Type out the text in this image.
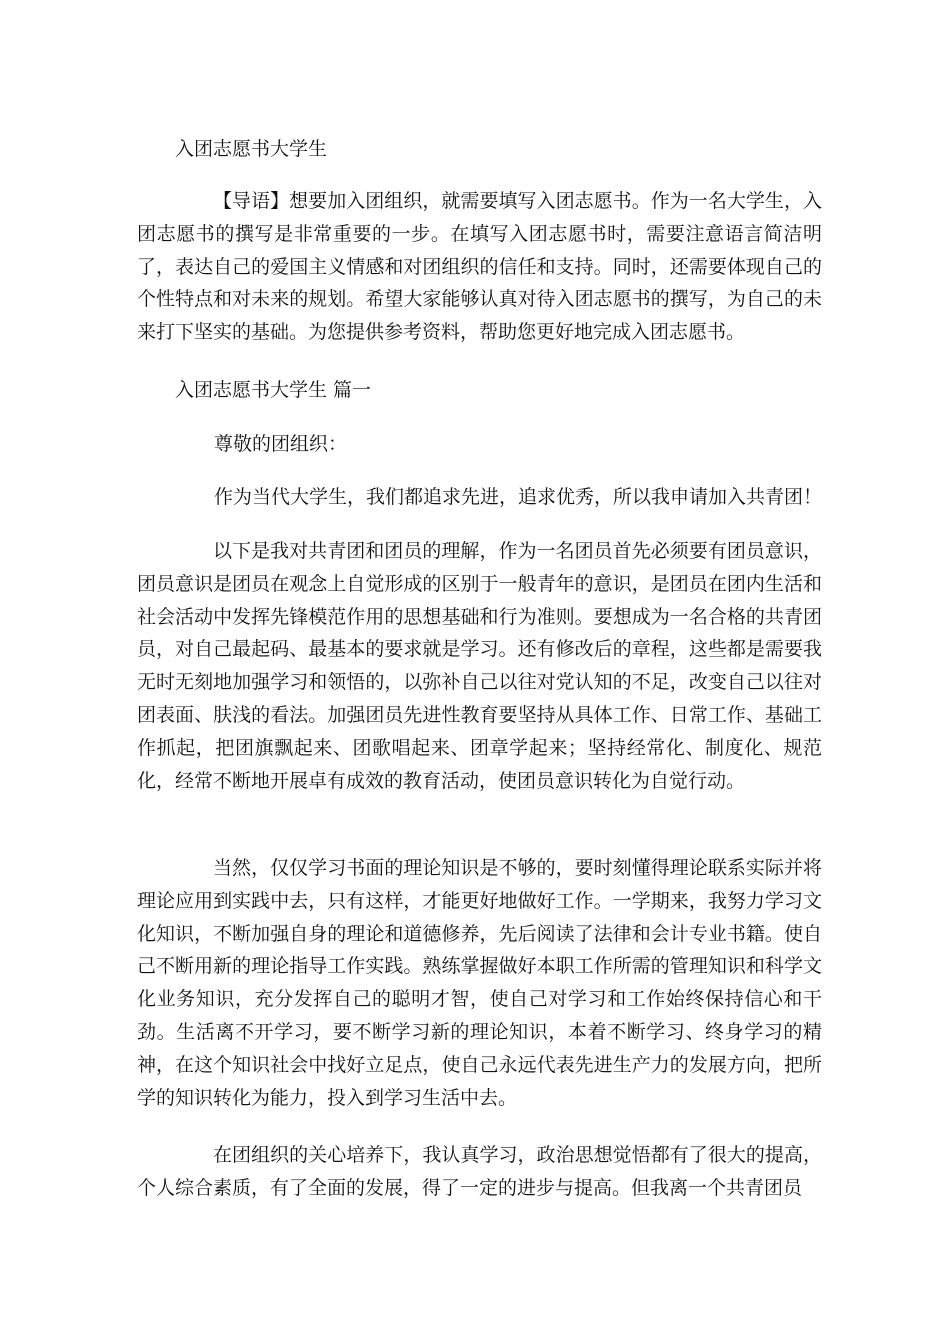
入团志愿书大学生

【导语】想要加入团组织，就需要填写入团志愿书。作为一名大学生，入团志愿书的撰写是非常重要的一步。在填写入团志愿书时，需要注意语言简洁明了，表达自己的爱国主义情感和对团组织的信任和支持。同时，还需要体现自己的个性特点和对未来的规划。希望大家能够认真对待入团志愿书的撰写，为自己的未来打下坚实的基础。为您提供参考资料，帮助您更好地完成入团志愿书。

入团志愿书大学生 篇一

尊敬的团组织：

作为当代大学生，我们都追求先进，追求优秀，所以我申请加入共青团！

以下是我对共青团和团员的理解，作为一名团员首先必须要有团员意识，团员意识是团员在观念上自觉形成的区别于一般青年的意识，是团员在团内生活和社会活动中发挥先锋模范作用的思想基础和行为准则。要想成为一名合格的共青团员，对自己最起码、最基本的要求就是学习。还有修改后的章程，这些都是需要我无时无刻地加强学习和领悟的，以弥补自己以往对党认知的不足，改变自己以往对团表面、肤浅的看法。加强团员先进性教育要坚持从具体工作、日常工作、基础工作抓起，把团旗飘起来、团歌唱起来、团章学起来；坚持经常化、制度化、规范化，经常不断地开展卓有成效的教育活动，使团员意识转化为自觉行动。

当然，仅仅学习书面的理论知识是不够的，要时刻懂得理论联系实际并将理论应用到实践中去，只有这样，才能更好地做好工作。一学期来，我努力学习文化知识，不断加强自身的理论和道德修养，先后阅读了法律和会计专业书籍。使自己不断用新的理论指导工作实践。熟练掌握做好本职工作所需的管理知识和科学文化业务知识，充分发挥自己的聪明才智，使自己对学习和工作始终保持信心和干劲。生活离不开学习，要不断学习新的理论知识，本着不断学习、终身学习的精神，在这个知识社会中找好立足点，使自己永远代表先进生产力的发展方向，把所学的知识转化为能力，投入到学习生活中去。

在团组织的关心培养下，我认真学习，政治思想觉悟都有了很大的提高，个人综合素质，有了全面的发展，得了一定的进步与提高。但我离一个共青团员
